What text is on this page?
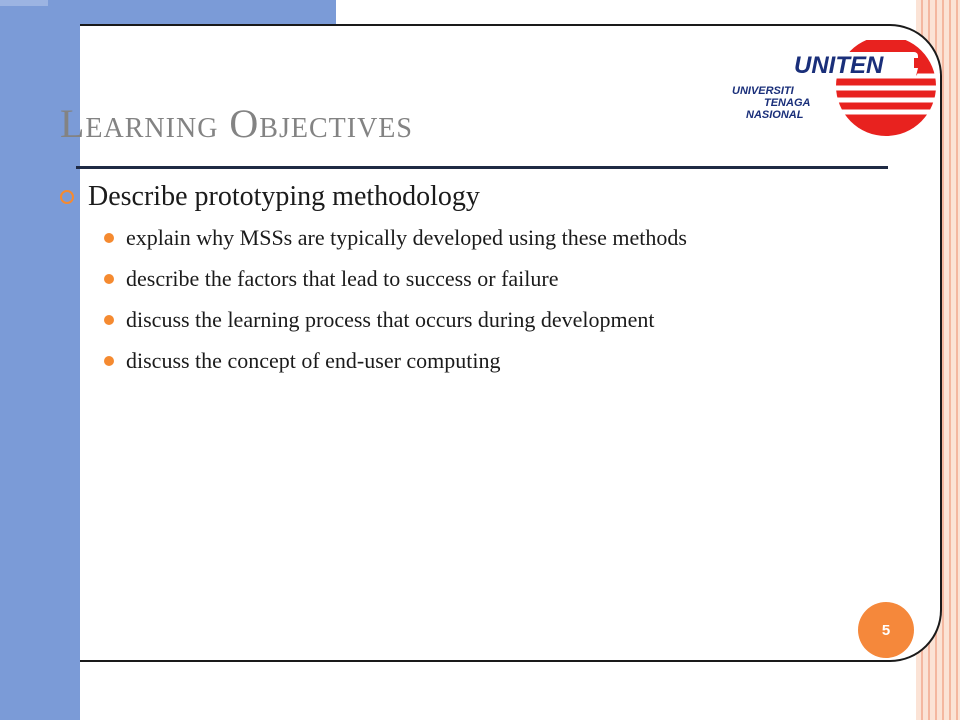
UNITEN
UNIVERSITI
TENAGA
NASIONAL
Learning Objectives
Describe prototyping methodology
explain why MSSs are typically developed using these methods
describe the factors that lead to success or failure
discuss the learning process that occurs during development
discuss the concept of end-user computing
5
